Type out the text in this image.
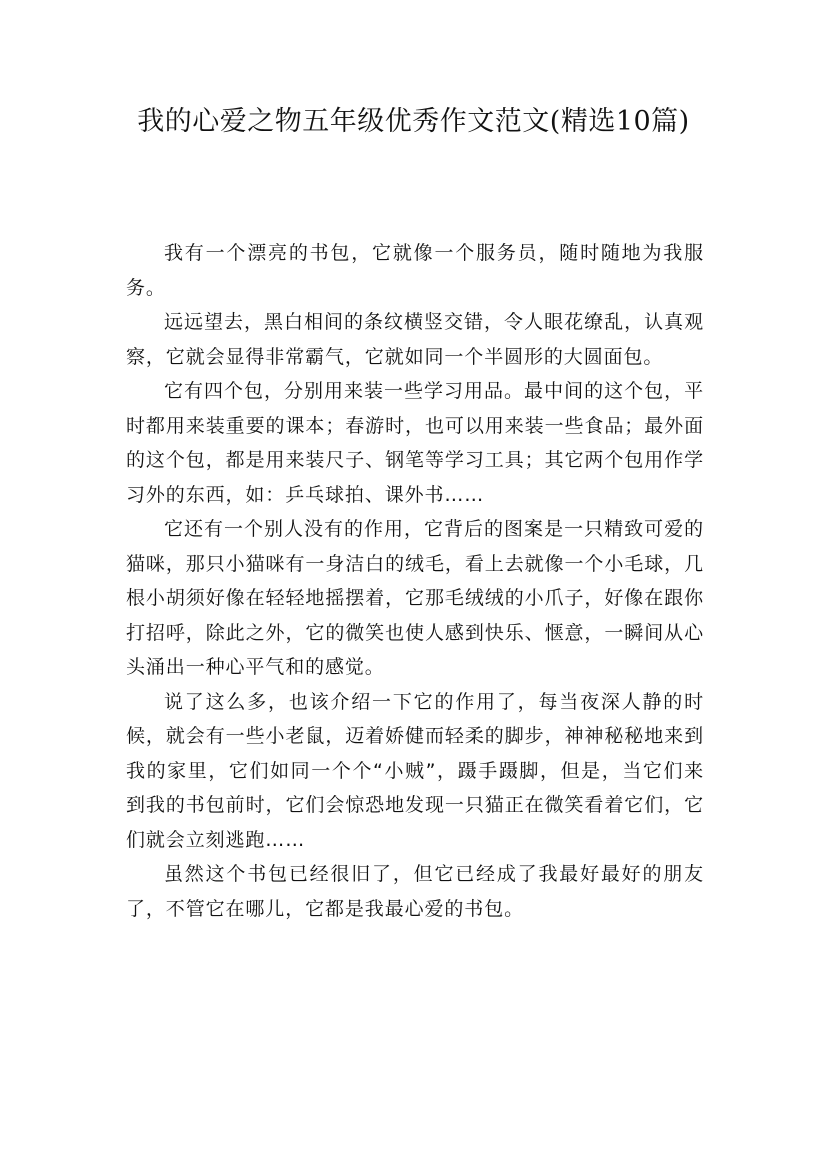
我的心爱之物五年级优秀作文范文(精选10篇)

我有一个漂亮的书包，它就像一个服务员，随时随地为我服务。

远远望去，黑白相间的条纹横竖交错，令人眼花缭乱，认真观察，它就会显得非常霸气，它就如同一个半圆形的大圆面包。

它有四个包，分别用来装一些学习用品。最中间的这个包，平时都用来装重要的课本；春游时，也可以用来装一些食品；最外面的这个包，都是用来装尺子、钢笔等学习工具；其它两个包用作学习外的东西，如：乒乓球拍、课外书……

它还有一个别人没有的作用，它背后的图案是一只精致可爱的猫咪，那只小猫咪有一身洁白的绒毛，看上去就像一个小毛球，几根小胡须好像在轻轻地摇摆着，它那毛绒绒的小爪子，好像在跟你打招呼，除此之外，它的微笑也使人感到快乐、惬意，一瞬间从心头涌出一种心平气和的感觉。

说了这么多，也该介绍一下它的作用了，每当夜深人静的时候，就会有一些小老鼠，迈着娇健而轻柔的脚步，神神秘秘地来到我的家里，它们如同一个个“小贼”，蹑手蹑脚，但是，当它们来到我的书包前时，它们会惊恐地发现一只猫正在微笑看着它们，它们就会立刻逃跑……

虽然这个书包已经很旧了，但它已经成了我最好最好的朋友了，不管它在哪儿，它都是我最心爱的书包。
